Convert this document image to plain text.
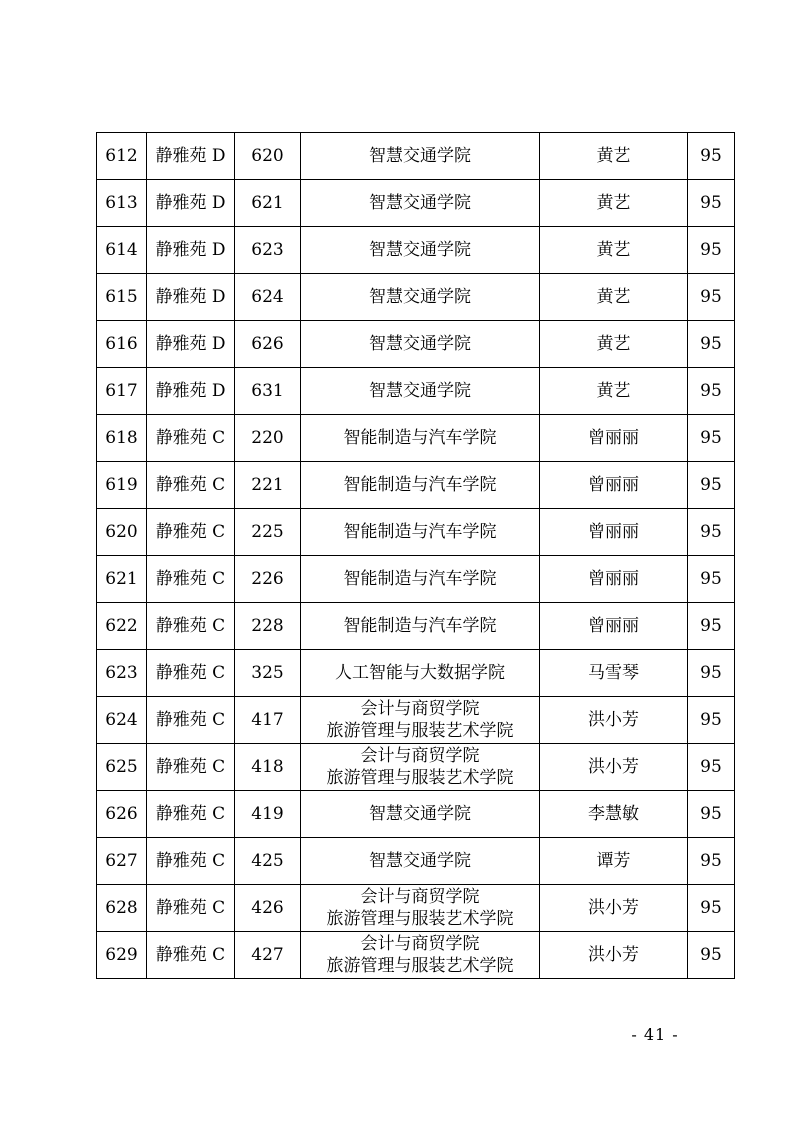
612	静雅苑 D	620	智慧交通学院	黄艺	95
613	静雅苑 D	621	智慧交通学院	黄艺	95
614	静雅苑 D	623	智慧交通学院	黄艺	95
615	静雅苑 D	624	智慧交通学院	黄艺	95
616	静雅苑 D	626	智慧交通学院	黄艺	95
617	静雅苑 D	631	智慧交通学院	黄艺	95
618	静雅苑 C	220	智能制造与汽车学院	曾丽丽	95
619	静雅苑 C	221	智能制造与汽车学院	曾丽丽	95
620	静雅苑 C	225	智能制造与汽车学院	曾丽丽	95
621	静雅苑 C	226	智能制造与汽车学院	曾丽丽	95
622	静雅苑 C	228	智能制造与汽车学院	曾丽丽	95
623	静雅苑 C	325	人工智能与大数据学院	马雪琴	95
624	静雅苑 C	417	会计与商贸学院
旅游管理与服装艺术学院	洪小芳	95
625	静雅苑 C	418	会计与商贸学院
旅游管理与服装艺术学院	洪小芳	95
626	静雅苑 C	419	智慧交通学院	李慧敏	95
627	静雅苑 C	425	智慧交通学院	谭芳	95
628	静雅苑 C	426	会计与商贸学院
旅游管理与服装艺术学院	洪小芳	95
629	静雅苑 C	427	会计与商贸学院
旅游管理与服装艺术学院	洪小芳	95
- 41 -
